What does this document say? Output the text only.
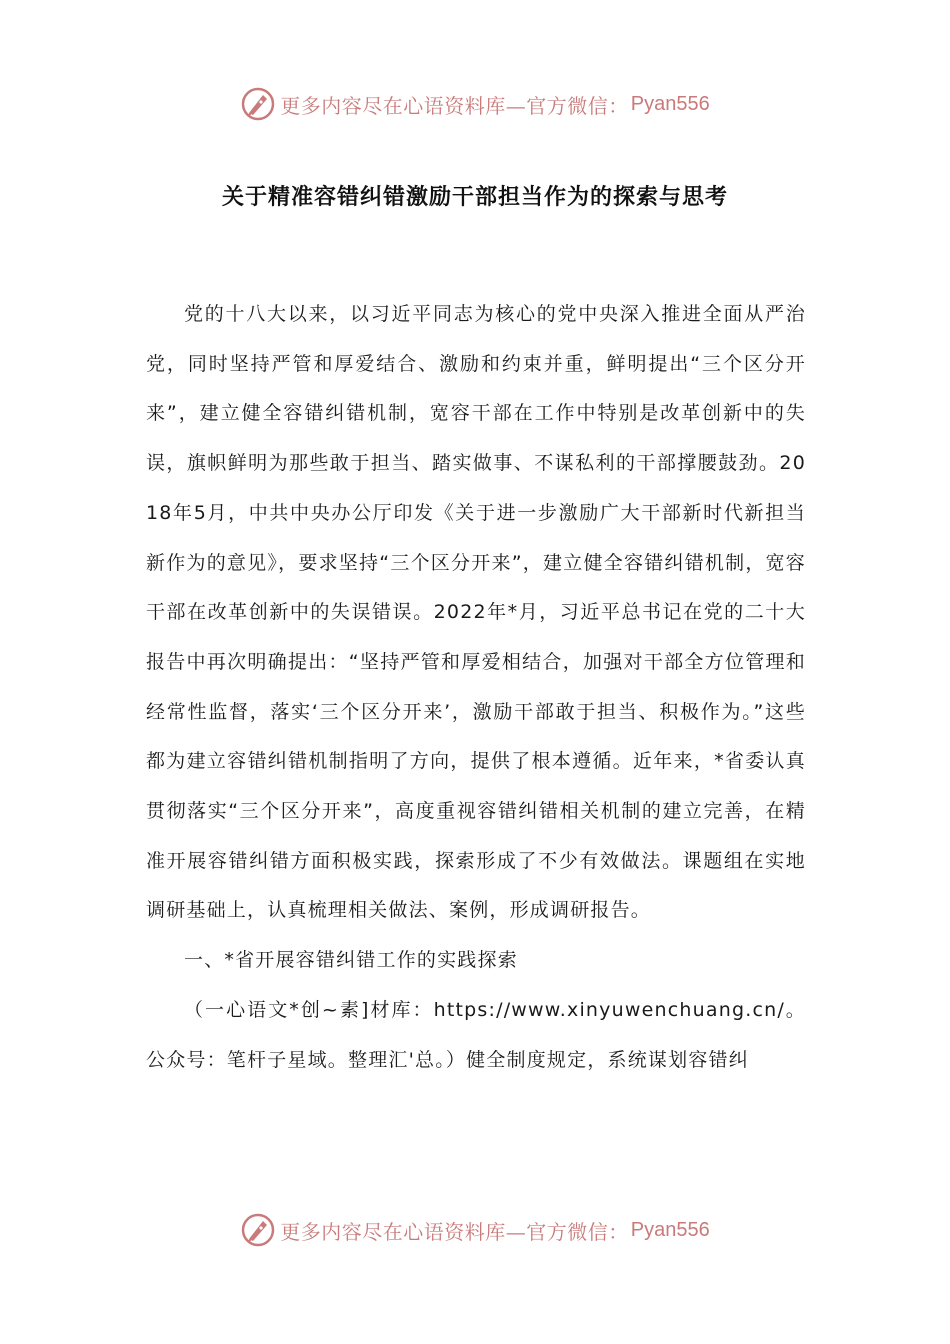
更多内容尽在心语资料库—官方微信： Pyan556
关于精准容错纠错激励干部担当作为的探索与思考

党的十八大以来，以习近平同志为核心的党中央深入推进全面从严治党，同时坚持严管和厚爱结合、激励和约束并重，鲜明提出“三个区分开来”，建立健全容错纠错机制，宽容干部在工作中特别是改革创新中的失误，旗帜鲜明为那些敢于担当、踏实做事、不谋私利的干部撑腰鼓劲。2018年5月，中共中央办公厅印发《关于进一步激励广大干部新时代新担当新作为的意见》，要求坚持“三个区分开来”，建立健全容错纠错机制，宽容干部在改革创新中的失误错误。2022年*月，习近平总书记在党的二十大报告中再次明确提出：“坚持严管和厚爱相结合，加强对干部全方位管理和经常性监督，落实‘三个区分开来’，激励干部敢于担当、积极作为。”这些都为建立容错纠错机制指明了方向，提供了根本遵循。近年来，*省委认真贯彻落实“三个区分开来”，高度重视容错纠错相关机制的建立完善，在精准开展容错纠错方面积极实践，探索形成了不少有效做法。课题组在实地调研基础上，认真梳理相关做法、案例，形成调研报告。

一、*省开展容错纠错工作的实践探索

（一心语文*创~素]材库：https://www.xinyuwenchuang.cn/。公众号：笔杆子星域。整理汇'总。）健全制度规定，系统谋划容错纠

更多内容尽在心语资料库—官方微信： Pyan556
